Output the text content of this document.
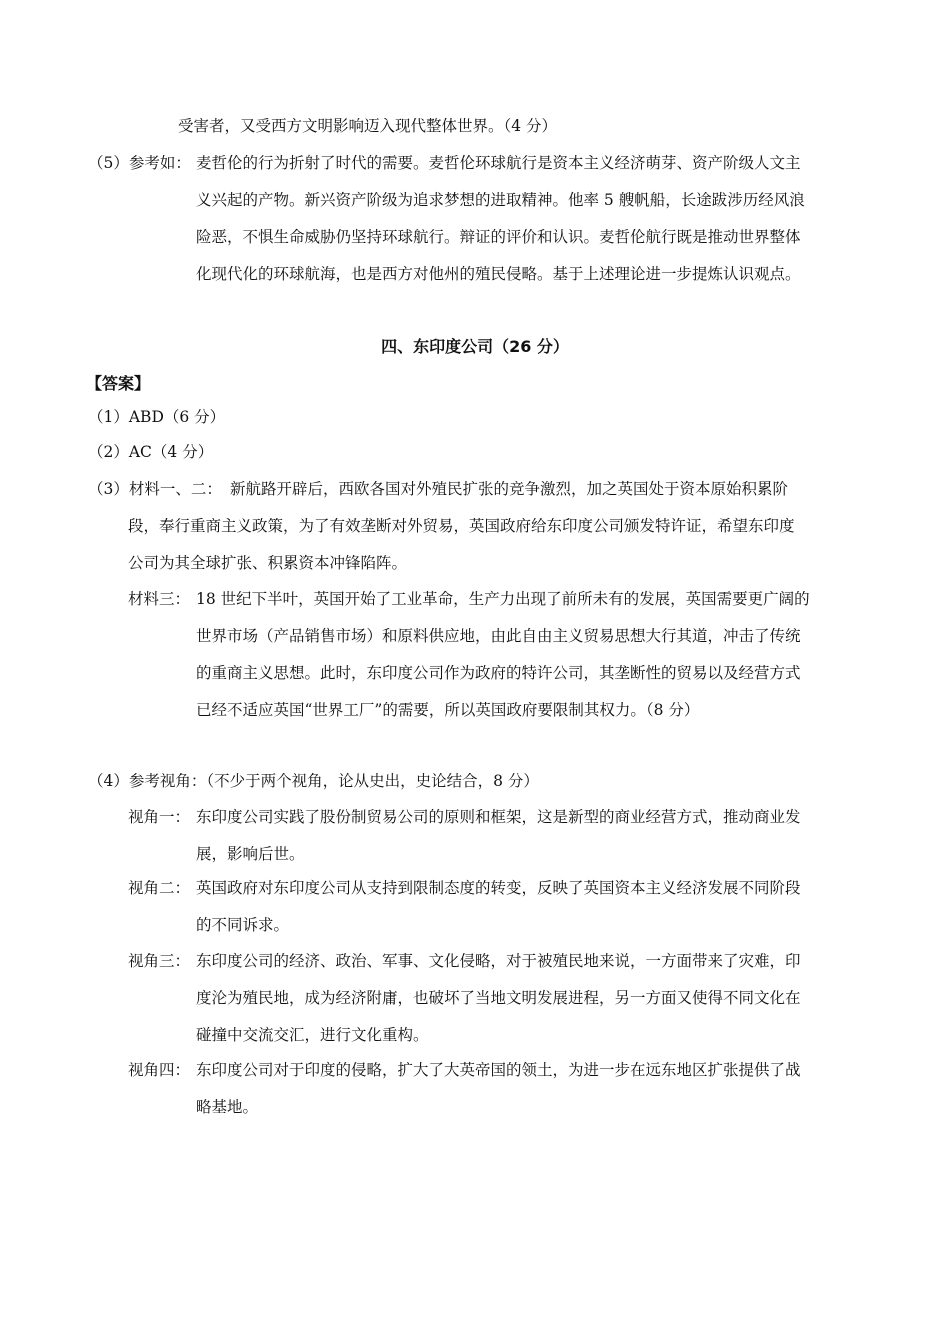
受害者，又受西方文明影响迈入现代整体世界。（4 分）
（5）参考如： 麦哲伦的行为折射了时代的需要。麦哲伦环球航行是资本主义经济萌芽、资产阶级人文主义兴起的产物。新兴资产阶级为追求梦想的进取精神。他率 5 艘帆船，长途跋涉历经风浪险恶，不惧生命威胁仍坚持环球航行。辩证的评价和认识。麦哲伦航行既是推动世界整体化现代化的环球航海，也是西方对他州的殖民侵略。基于上述理论进一步提炼认识观点。
四、东印度公司（26 分）
【答案】
（1）ABD（6 分）
（2）AC（4 分）
（3）材料一、二： 新航路开辟后，西欧各国对外殖民扩张的竞争激烈，加之英国处于资本原始积累阶段，奉行重商主义政策，为了有效垄断对外贸易，英国政府给东印度公司颁发特许证，希望东印度公司为其全球扩张、积累资本冲锋陷阵。
材料三： 18 世纪下半叶，英国开始了工业革命，生产力出现了前所未有的发展，英国需要更广阔的世界市场（产品销售市场）和原料供应地，由此自由主义贸易思想大行其道，冲击了传统的重商主义思想。此时，东印度公司作为政府的特许公司，其垄断性的贸易以及经营方式已经不适应英国“世界工厂”的需要，所以英国政府要限制其权力。（8 分）
（4）参考视角：（不少于两个视角，论从史出，史论结合，8 分）
视角一： 东印度公司实践了股份制贸易公司的原则和框架，这是新型的商业经营方式，推动商业发展，影响后世。
视角二： 英国政府对东印度公司从支持到限制态度的转变，反映了英国资本主义经济发展不同阶段的不同诉求。
视角三： 东印度公司的经济、政治、军事、文化侵略，对于被殖民地来说，一方面带来了灾难，印度沦为殖民地，成为经济附庸，也破坏了当地文明发展进程，另一方面又使得不同文化在碰撞中交流交汇，进行文化重构。
视角四： 东印度公司对于印度的侵略，扩大了大英帝国的领土，为进一步在远东地区扩张提供了战略基地。
